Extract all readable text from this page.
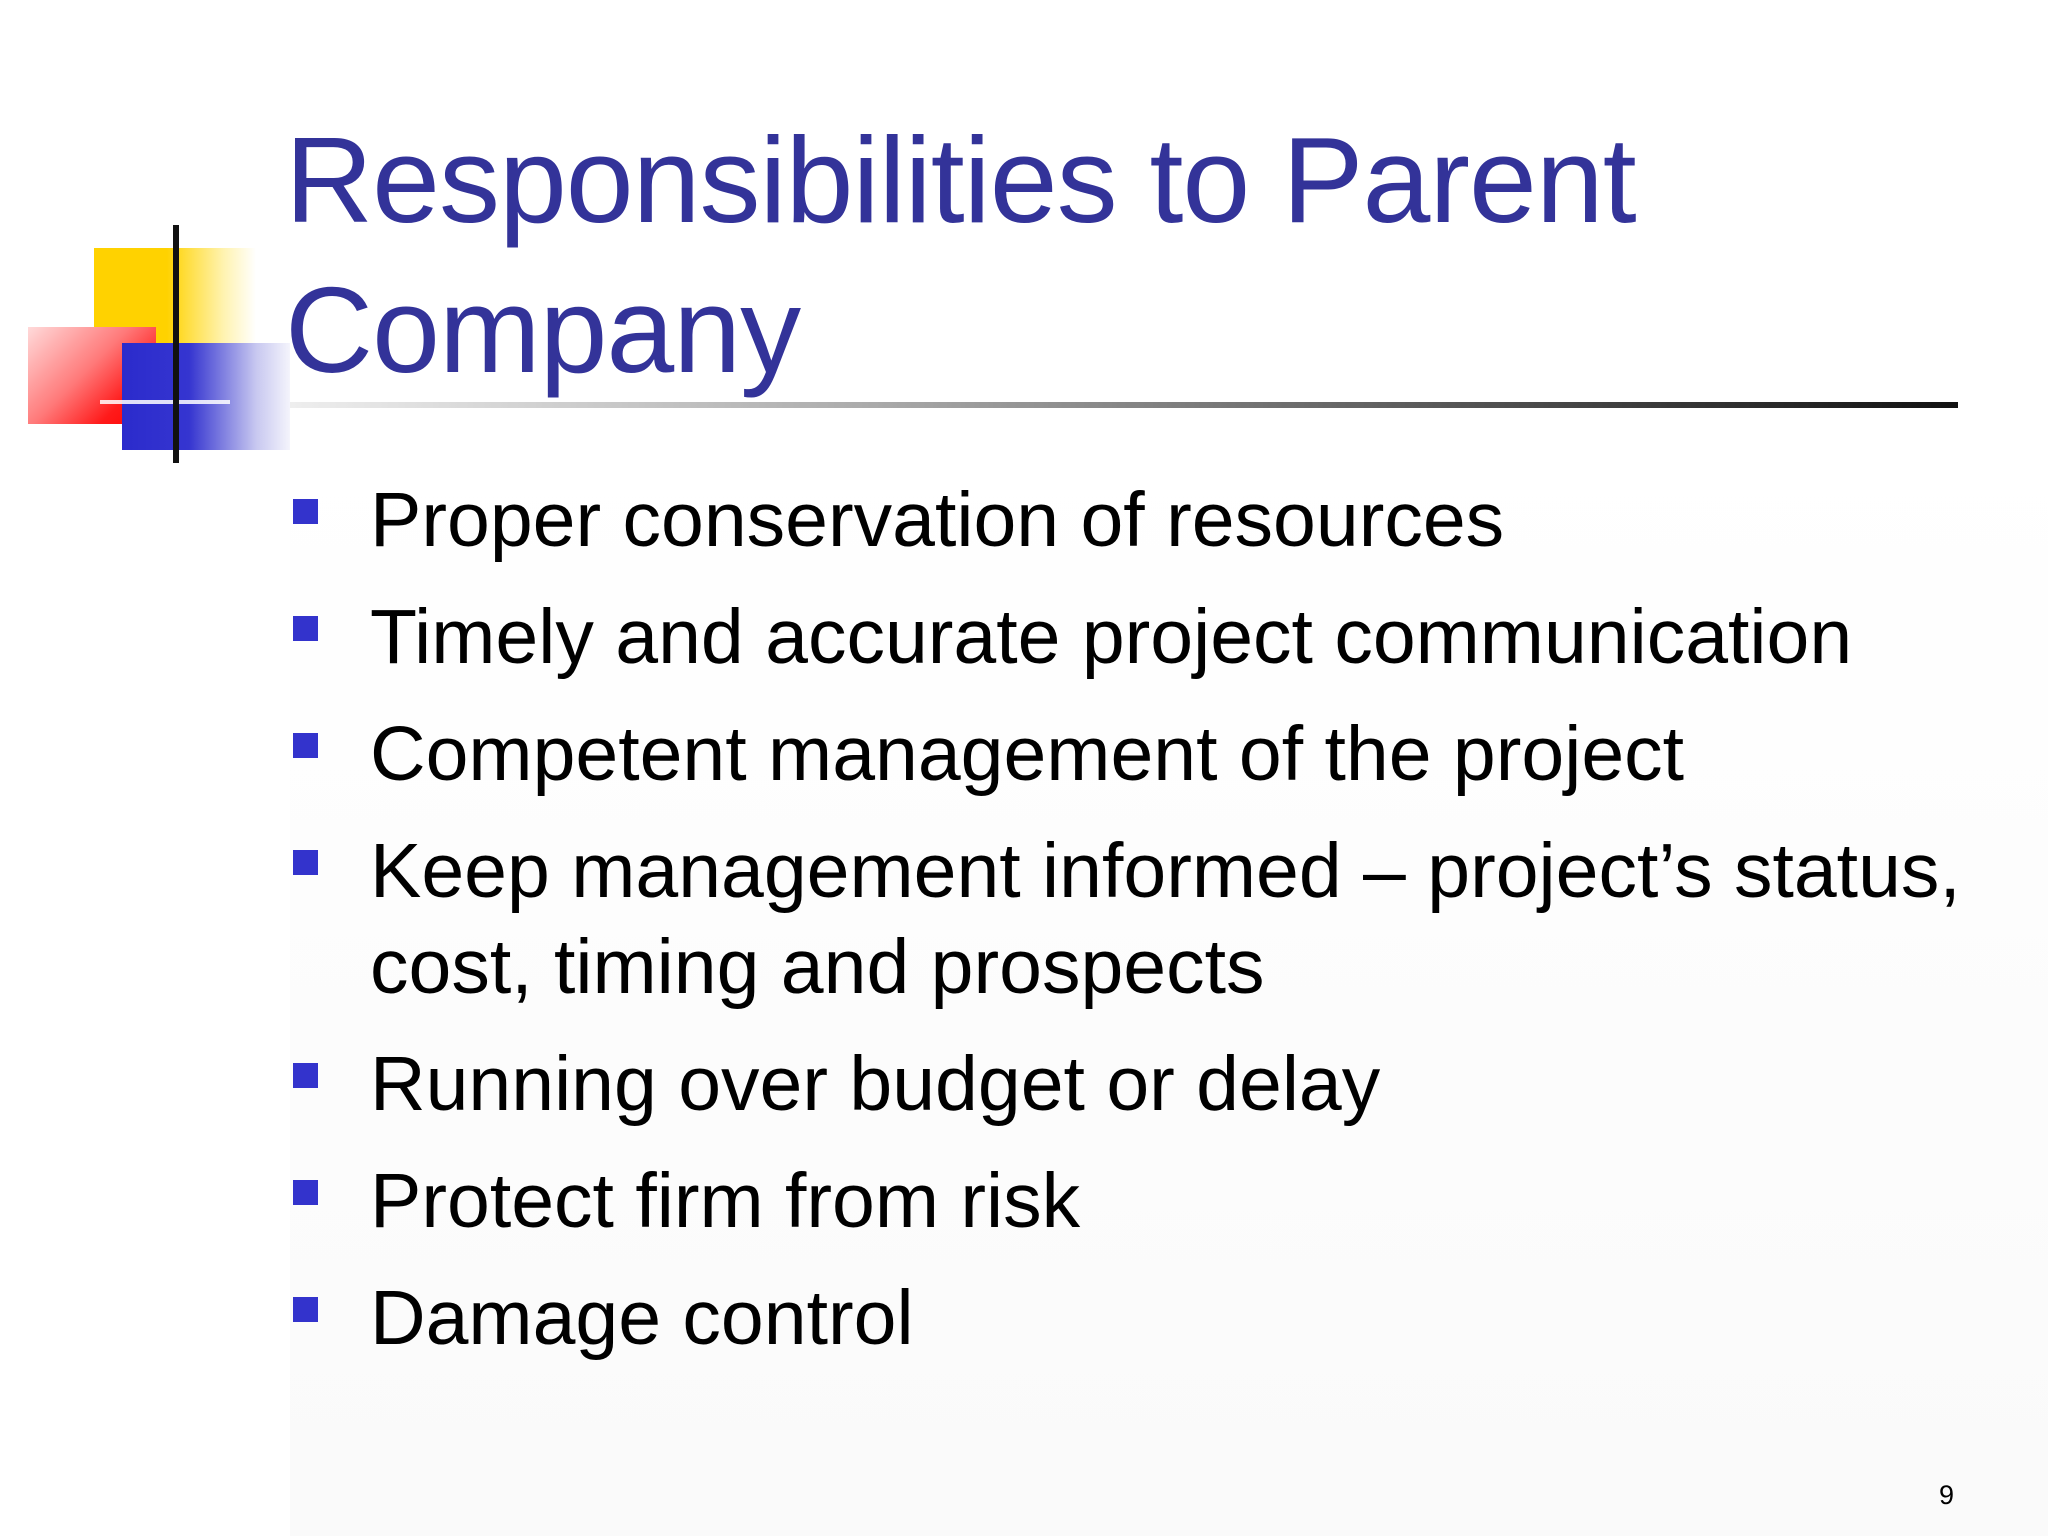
Responsibilities to Parent Company
Proper conservation of resources
Timely and accurate project communication
Competent management of the project
Keep management informed – project’s status, cost, timing and prospects
Running over budget or delay
Protect firm from risk
Damage control
9
